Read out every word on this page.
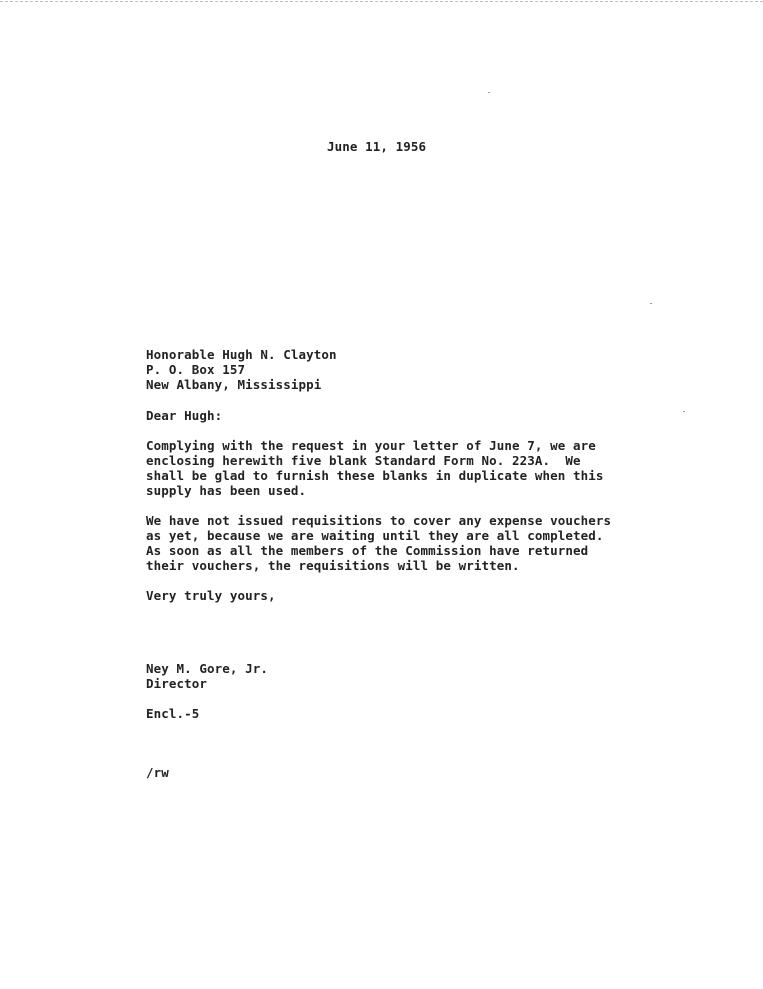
June 11, 1956
Honorable Hugh N. Clayton
P. O. Box 157
New Albany, Mississippi
Dear Hugh:
Complying with the request in your letter of June 7, we are
enclosing herewith five blank Standard Form No. 223A.  We
shall be glad to furnish these blanks in duplicate when this
supply has been used.
We have not issued requisitions to cover any expense vouchers
as yet, because we are waiting until they are all completed.
As soon as all the members of the Commission have returned
their vouchers, the requisitions will be written.
Very truly yours,
Ney M. Gore, Jr.
Director
Encl.-5
/rw
